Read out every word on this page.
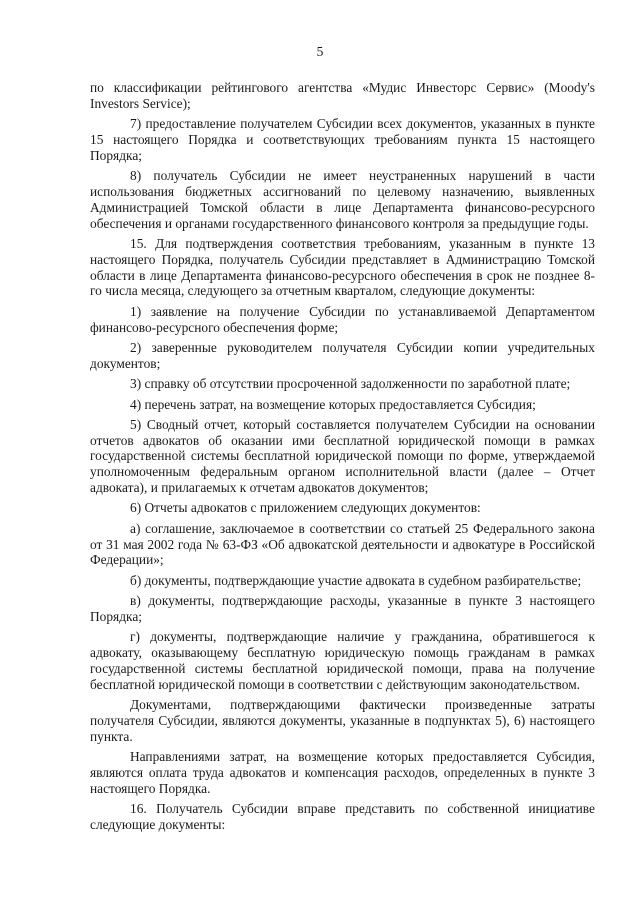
5

по классификации рейтингового агентства «Мудис Инвесторс Сервис» (Moody's Investors Service);

7) предоставление получателем Субсидии всех документов, указанных в пункте 15 настоящего Порядка и соответствующих требованиям пункта 15 настоящего Порядка;

8) получатель Субсидии не имеет неустраненных нарушений в части использования бюджетных ассигнований по целевому назначению, выявленных Администрацией Томской области в лице Департамента финансово-ресурсного обеспечения и органами государственного финансового контроля за предыдущие годы.

15. Для подтверждения соответствия требованиям, указанным в пункте 13 настоящего Порядка, получатель Субсидии представляет в Администрацию Томской области в лице Департамента финансово-ресурсного обеспечения в срок не позднее 8-го числа месяца, следующего за отчетным кварталом, следующие документы:

1) заявление на получение Субсидии по устанавливаемой Департаментом финансово-ресурсного обеспечения форме;

2) заверенные руководителем получателя Субсидии копии учредительных документов;

3) справку об отсутствии просроченной задолженности по заработной плате;

4) перечень затрат, на возмещение которых предоставляется Субсидия;

5) Сводный отчет, который составляется получателем Субсидии на основании отчетов адвокатов об оказании ими бесплатной юридической помощи в рамках государственной системы бесплатной юридической помощи по форме, утверждаемой уполномоченным федеральным органом исполнительной власти (далее – Отчет адвоката), и прилагаемых к отчетам адвокатов документов;

6) Отчеты адвокатов с приложением следующих документов:

а) соглашение, заключаемое в соответствии со статьей 25 Федерального закона от 31 мая 2002 года № 63-ФЗ «Об адвокатской деятельности и адвокатуре в Российской Федерации»;

б) документы, подтверждающие участие адвоката в судебном разбирательстве;

в) документы, подтверждающие расходы, указанные в пункте 3 настоящего Порядка;

г) документы, подтверждающие наличие у гражданина, обратившегося к адвокату, оказывающему бесплатную юридическую помощь гражданам в рамках государственной системы бесплатной юридической помощи, права на получение бесплатной юридической помощи в соответствии с действующим законодательством.

Документами, подтверждающими фактически произведенные затраты получателя Субсидии, являются документы, указанные в подпунктах 5), 6) настоящего пункта.

Направлениями затрат, на возмещение которых предоставляется Субсидия, являются оплата труда адвокатов и компенсация расходов, определенных в пункте 3 настоящего Порядка.

16. Получатель Субсидии вправе представить по собственной инициативе следующие документы:
